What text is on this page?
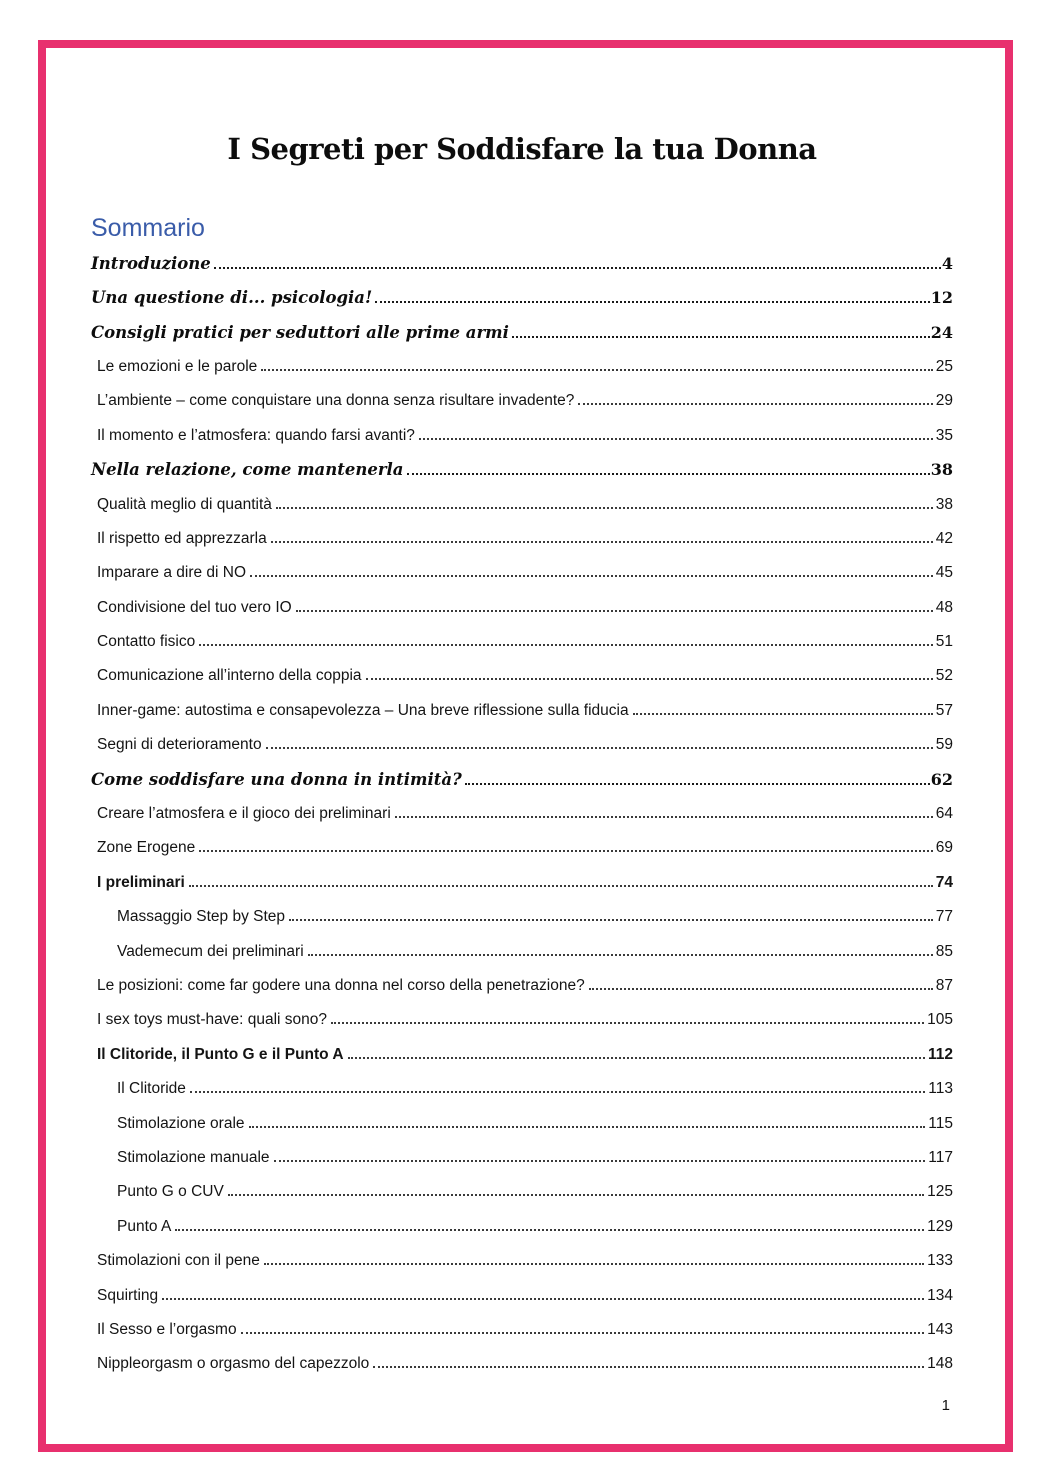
I Segreti per Soddisfare la tua Donna
Sommario
Introduzione	4
Una questione di... psicologia!	12
Consigli pratici per seduttori alle prime armi	24
Le emozioni e le parole	25
L’ambiente – come conquistare una donna senza risultare invadente?	29
Il momento e l’atmosfera: quando farsi avanti?	35
Nella relazione, come mantenerla	38
Qualità meglio di quantità	38
Il rispetto ed apprezzarla	42
Imparare a dire di NO	45
Condivisione del tuo vero IO	48
Contatto fisico	51
Comunicazione all’interno della coppia	52
Inner-game: autostima e consapevolezza – Una breve riflessione sulla fiducia	57
Segni di deterioramento	59
Come soddisfare una donna in intimità?	62
Creare l’atmosfera e il gioco dei preliminari	64
Zone Erogene	69
I preliminari	74
Massaggio Step by Step	77
Vademecum dei preliminari	85
Le posizioni: come far godere una donna nel corso della penetrazione?	87
I sex toys must-have: quali sono?	105
Il Clitoride, il Punto G e il Punto A	112
Il Clitoride	113
Stimolazione orale	115
Stimolazione manuale	117
Punto G o CUV	125
Punto A	129
Stimolazioni con il pene	133
Squirting	134
Il Sesso e l’orgasmo	143
Nippleorgasm o orgasmo del capezzolo	148
1
